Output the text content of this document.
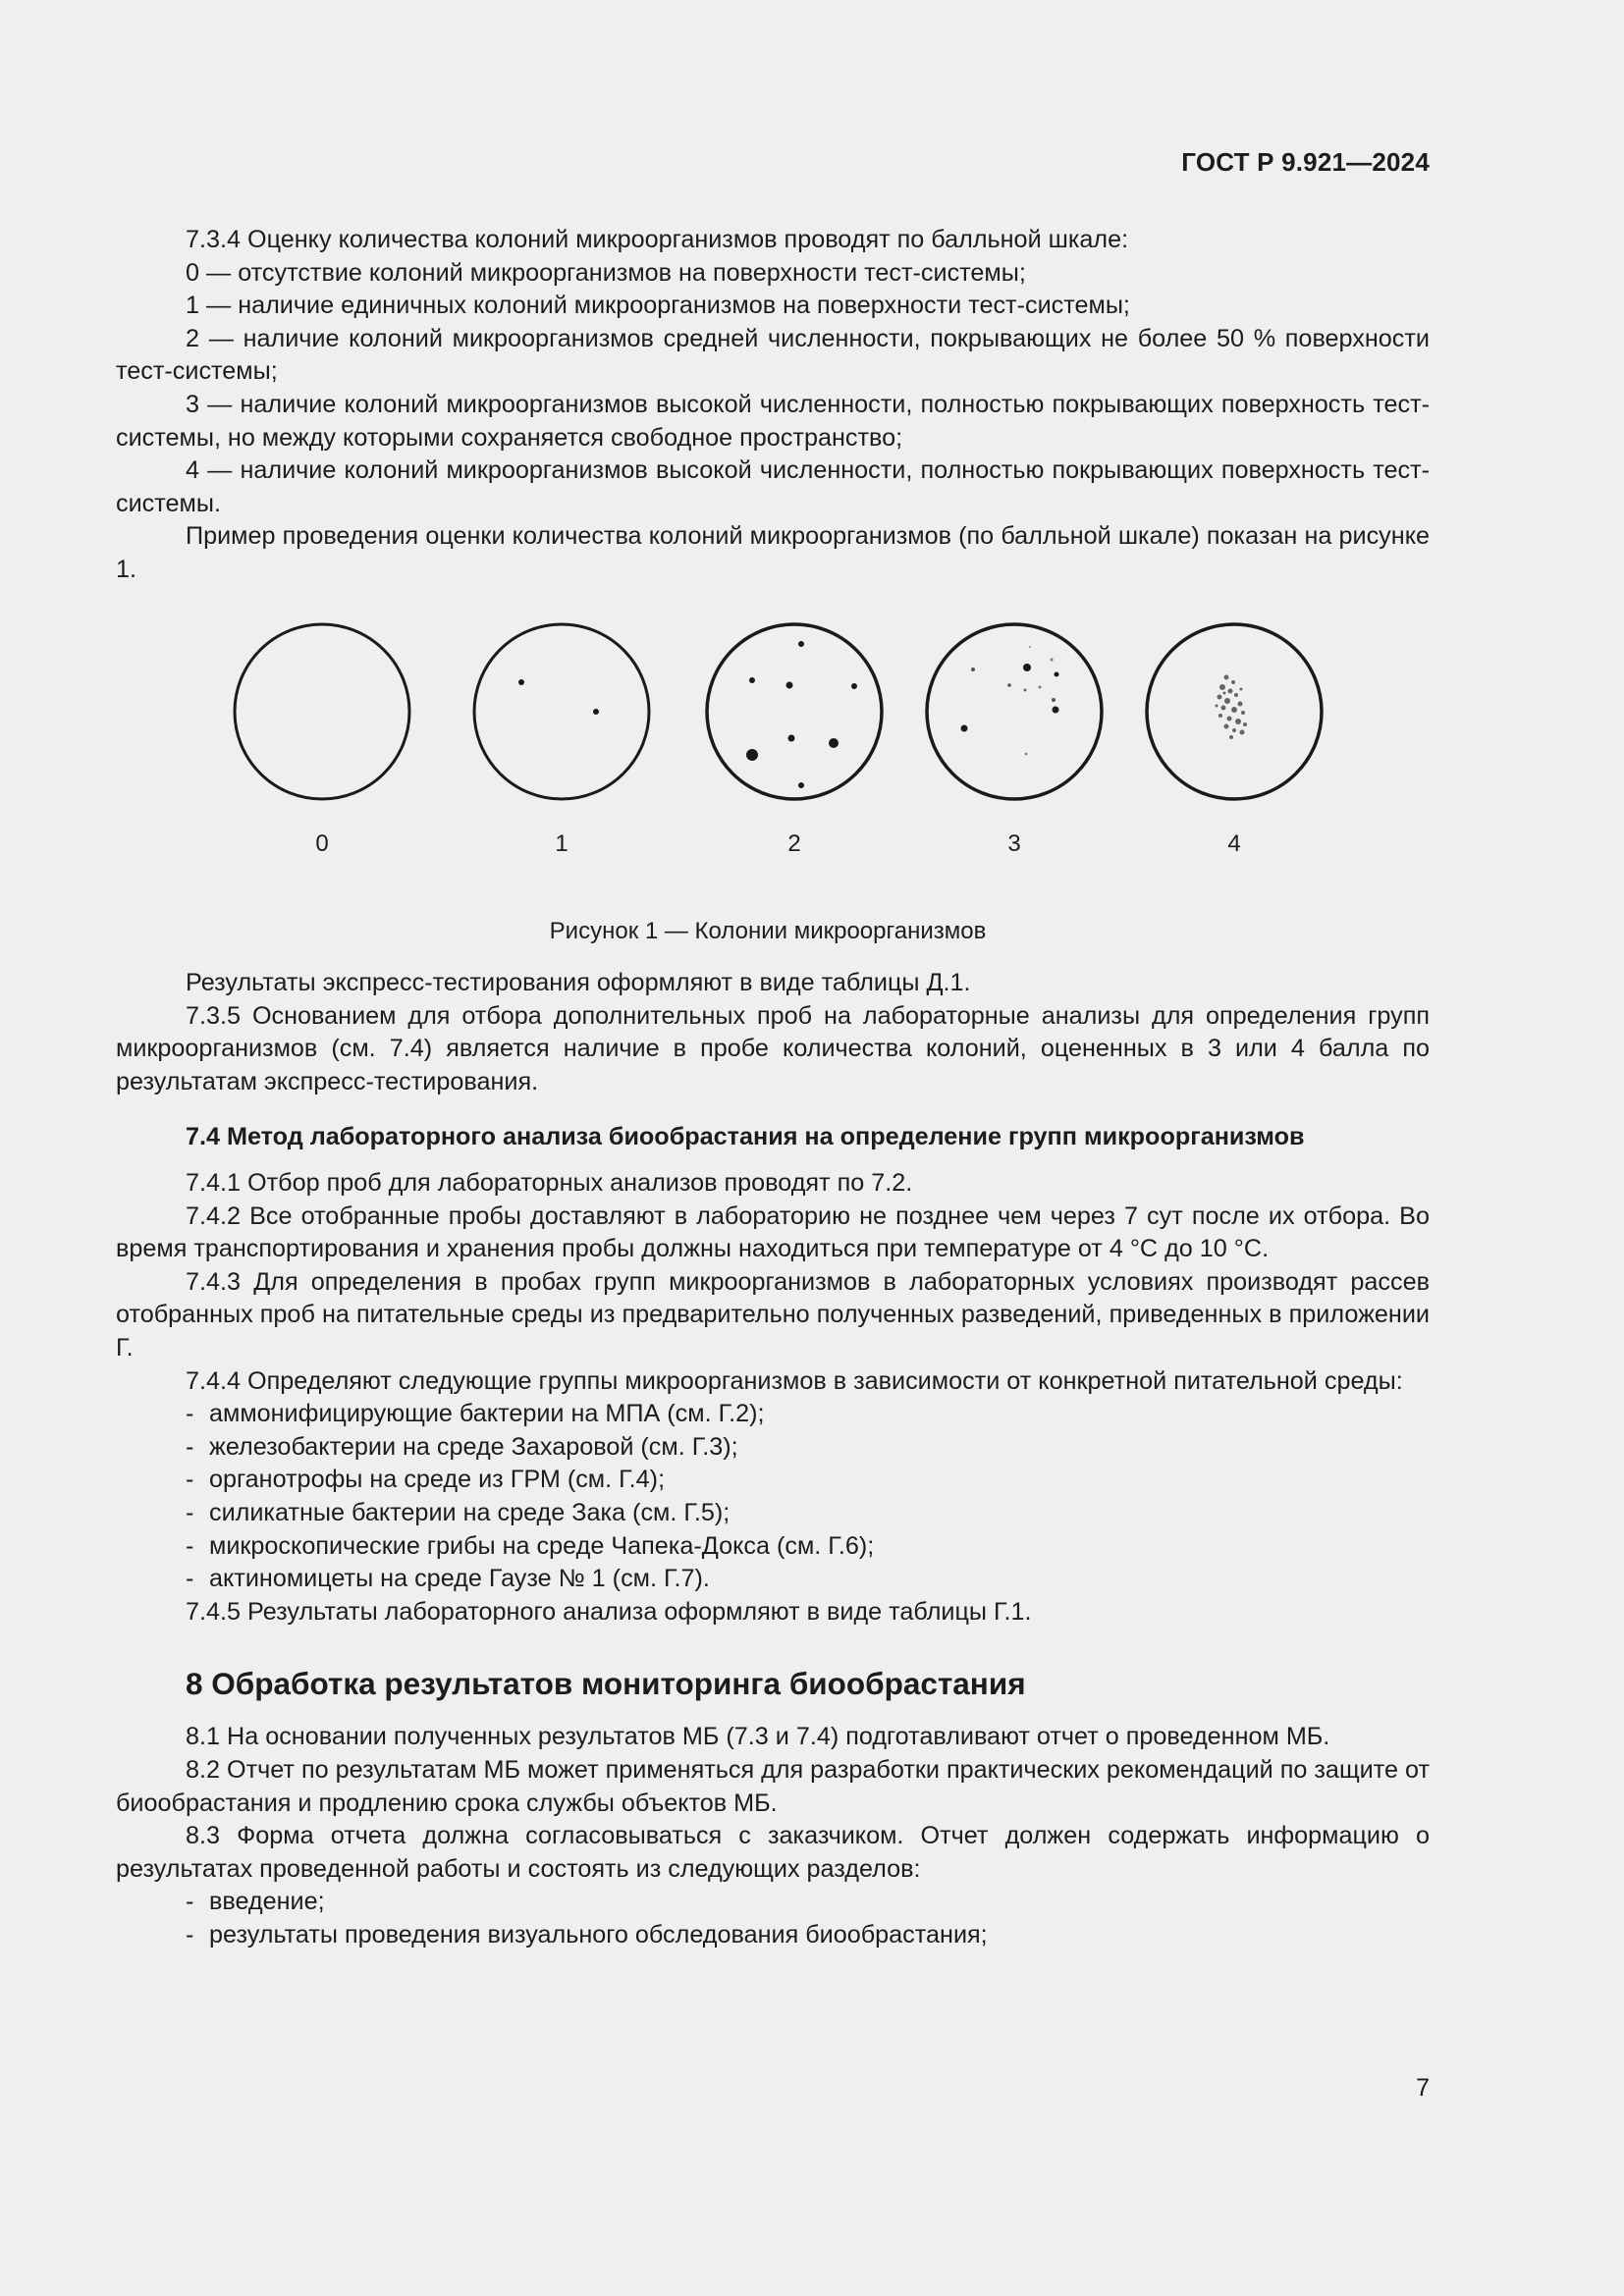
ГОСТ Р 9.921—2024

7.3.4 Оценку количества колоний микроорганизмов проводят по балльной шкале:

0 — отсутствие колоний микроорганизмов на поверхности тест-системы;

1 — наличие единичных колоний микроорганизмов на поверхности тест-системы;

2 — наличие колоний микроорганизмов средней численности, покрывающих не более 50 % поверхности тест-системы;

3 — наличие колоний микроорганизмов высокой численности, полностью покрывающих поверхность тест-системы, но между которыми сохраняется свободное пространство;

4 — наличие колоний микроорганизмов высокой численности, полностью покрывающих поверхность тест-системы.

Пример проведения оценки количества колоний микроорганизмов (по балльной шкале) показан на рисунке 1.

0	1	2	3	4

Рисунок 1 — Колонии микроорганизмов

Результаты экспресс-тестирования оформляют в виде таблицы Д.1.

7.3.5 Основанием для отбора дополнительных проб на лабораторные анализы для определения групп микроорганизмов (см. 7.4) является наличие в пробе количества колоний, оцененных в 3 или 4 балла по результатам экспресс-тестирования.

7.4 Метод лабораторного анализа биообрастания на определение групп микроорганизмов

7.4.1 Отбор проб для лабораторных анализов проводят по 7.2.

7.4.2 Все отобранные пробы доставляют в лабораторию не позднее чем через 7 сут после их отбора. Во время транспортирования и хранения пробы должны находиться при температуре от 4 °С до 10 °С.

7.4.3 Для определения в пробах групп микроорганизмов в лабораторных условиях производят рассев отобранных проб на питательные среды из предварительно полученных разведений, приведенных в приложении Г.

7.4.4 Определяют следующие группы микроорганизмов в зависимости от конкретной питательной среды:

- аммонифицирующие бактерии на МПА (см. Г.2);

- железобактерии на среде Захаровой (см. Г.3);

- органотрофы на среде из ГРМ (см. Г.4);

- силикатные бактерии на среде Зака (см. Г.5);

- микроскопические грибы на среде Чапека-Докса (см. Г.6);

- актиномицеты на среде Гаузе № 1 (см. Г.7).

7.4.5 Результаты лабораторного анализа оформляют в виде таблицы Г.1.

8 Обработка результатов мониторинга биообрастания

8.1 На основании полученных результатов МБ (7.3 и 7.4) подготавливают отчет о проведенном МБ.

8.2 Отчет по результатам МБ может применяться для разработки практических рекомендаций по защите от биообрастания и продлению срока службы объектов МБ.

8.3 Форма отчета должна согласовываться с заказчиком. Отчет должен содержать информацию о результатах проведенной работы и состоять из следующих разделов:

- введение;

- результаты проведения визуального обследования биообрастания;

7
